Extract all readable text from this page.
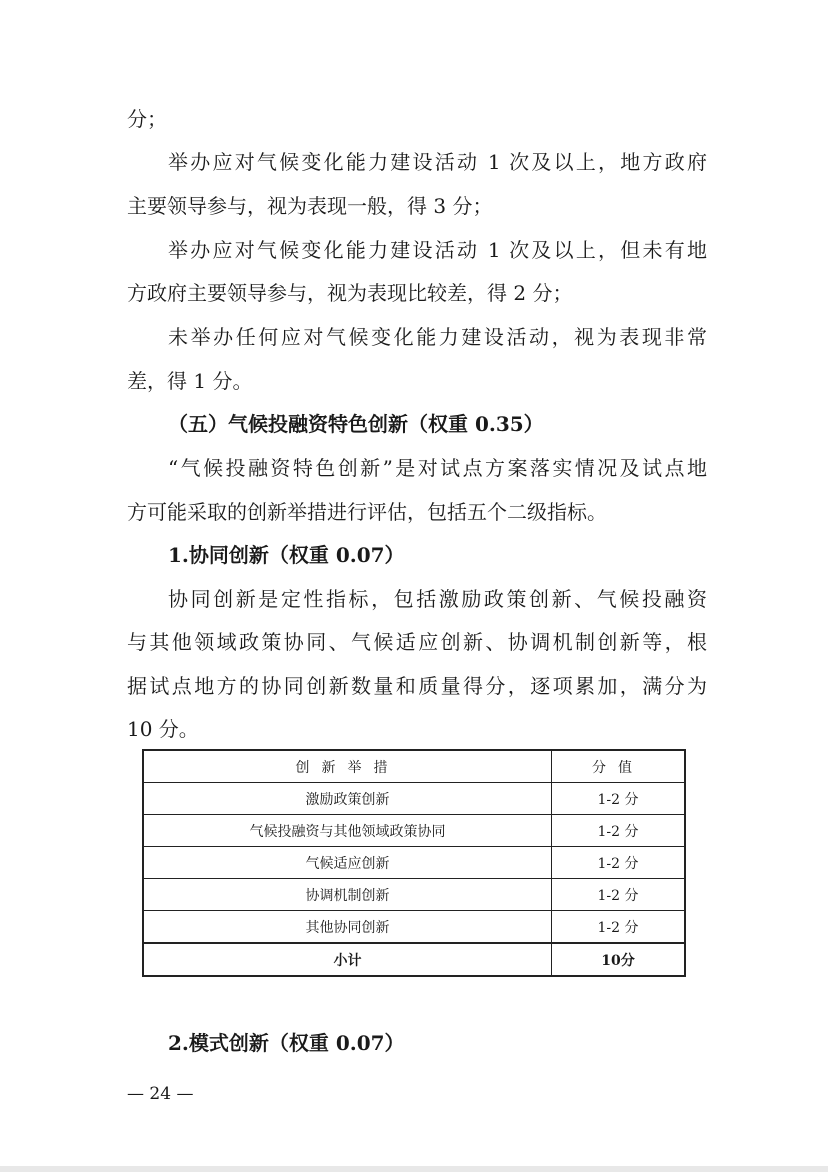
分；
举办应对气候变化能力建设活动 1 次及以上，地方政府
主要领导参与，视为表现一般，得 3 分；
举办应对气候变化能力建设活动 1 次及以上，但未有地
方政府主要领导参与，视为表现比较差，得 2 分；
未举办任何应对气候变化能力建设活动，视为表现非常
差，得 1 分。
（五）气候投融资特色创新（权重 0.35）
“气候投融资特色创新”是对试点方案落实情况及试点地
方可能采取的创新举措进行评估，包括五个二级指标。
1.协同创新（权重 0.07）
协同创新是定性指标，包括激励政策创新、气候投融资
与其他领域政策协同、气候适应创新、协调机制创新等，根
据试点地方的协同创新数量和质量得分，逐项累加，满分为
10 分。
创新举措	分值
激励政策创新	1-2 分
气候投融资与其他领域政策协同	1-2 分
气候适应创新	1-2 分
协调机制创新	1-2 分
其他协同创新	1-2 分
小计	10分
2.模式创新（权重 0.07）
— 24 —
